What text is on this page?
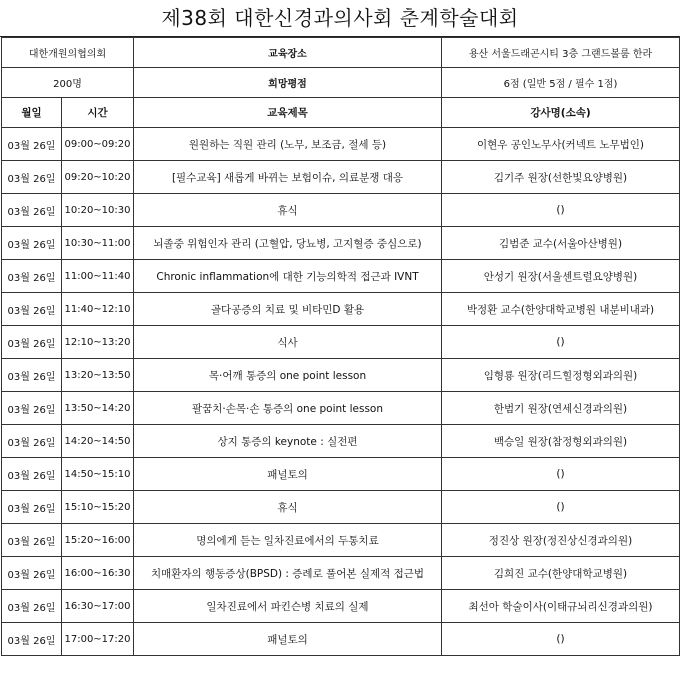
제38회 대한신경과의사회 춘계학술대회
대한개원의협의회		교육장소	용산 서울드래곤시티 3층 그랜드볼룸 한라
200명		희망평점	6점 (일반 5점 / 필수 1점)
월일	시간	교육제목	강사명(소속)
03월 26일	09:00~09:20	원원하는 직원 관리 (노무, 보조금, 절세 등)	이현우 공인노무사(커넥트 노무법인)
03월 26일	09:20~10:20	[필수교육] 새롭게 바뀌는 보험이슈, 의료분쟁 대응	김기주 원장(선한빛요양병원)
03월 26일	10:20~10:30	휴식	()
03월 26일	10:30~11:00	뇌졸중 위험인자 관리 (고혈압, 당뇨병, 고지혈증 중심으로)	김범준 교수(서울아산병원)
03월 26일	11:00~11:40	Chronic inflammation에 대한 기능의학적 접근과 IVNT	안성기 원장(서울센트럴요양병원)
03월 26일	11:40~12:10	골다공증의 치료 및 비타민D 활용	박정환 교수(한양대학교병원 내분비내과)
03월 26일	12:10~13:20	식사	()
03월 26일	13:20~13:50	목·어깨 통증의 one point lesson	임형룡 원장(리드힐정형외과의원)
03월 26일	13:50~14:20	팔꿈치·손목·손 통증의 one point lesson	한범기 원장(연세신경과의원)
03월 26일	14:20~14:50	상지 통증의 keynote : 실전편	백승일 원장(참정형외과의원)
03월 26일	14:50~15:10	패널토의	()
03월 26일	15:10~15:20	휴식	()
03월 26일	15:20~16:00	명의에게 듣는 일차진료에서의 두통치료	정진상 원장(정진상신경과의원)
03월 26일	16:00~16:30	치매환자의 행동증상(BPSD) : 증례로 풀어본 실제적 접근법	김희진 교수(한양대학교병원)
03월 26일	16:30~17:00	일차진료에서 파킨슨병 치료의 실제	최선아 학술이사(이태규뇌리신경과의원)
03월 26일	17:00~17:20	패널토의	()
